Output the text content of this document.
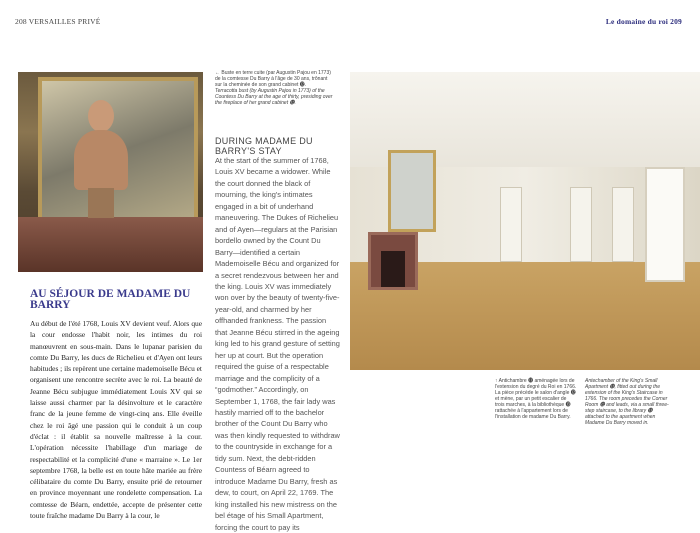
208 VERSAILLES PRIVÉ	Le domaine du roi 209
AU SÉJOUR DE MADAME DU BARRY
Au début de l'été 1768, Louis XV devient veuf. Alors que la cour endosse l'habit noir, les intimes du roi manœuvrent en sous-main. Dans le lupanar parisien du comte Du Barry, les ducs de Richelieu et d'Ayen ont leurs habitudes ; ils repèrent une certaine mademoiselle Bécu et organisent une rencontre secrète avec le roi. La beauté de Jeanne Bécu subjugue immédiatement Louis XV qui se laisse aussi charmer par la désinvolture et le caractère franc de la jeune femme de vingt-cinq ans. Elle éveille chez le roi âgé une passion qui le conduit à un coup d'éclat : il établit sa nouvelle maîtresse à la cour. L'opération nécessite l'habillage d'un mariage de respectabilité et la complicité d'une « marraine ». Le 1er septembre 1768, la belle est en toute hâte mariée au frère célibataire du comte Du Barry, ensuite prié de retourner en province moyennant une rondelette compensation. La comtesse de Béarn, endettée, accepte de présenter cette toute fraîche madame Du Barry à la cour, le
← Buste en terre cuite (par Augustin Pajou en 1773) de la comtesse Du Barry à l'âge de 30 ans, trônant sur la cheminée de son grand cabinet ⓬.
Terracotta bust (by Augustin Pajou in 1773) of the Countess Du Barry at the age of thirty, presiding over the fireplace of her grand cabinet ⓬.
DURING MADAME DU BARRY'S STAY
At the start of the summer of 1768, Louis XV became a widower. While the court donned the black of mourning, the king's intimates engaged in a bit of underhand maneuvering. The Dukes of Richelieu and of Ayen—regulars at the Parisian bordello owned by the Count Du Barry—identified a certain Mademoiselle Bécu and organized for a secret rendezvous between her and the king. Louis XV was immediately won over by the beauty of twenty-five-year-old, and charmed by her offhanded frankness. The passion that Jeanne Bécu stirred in the ageing king led to his grand gesture of setting her up at court. But the operation required the guise of a respectable marriage and the complicity of a “godmother.” Accordingly, on September 1, 1768, the fair lady was hastily married off to the bachelor brother of the Count Du Barry who was then kindly requested to withdraw to the countryside in exchange for a tidy sum. Next, the debt-ridden Countess of Béarn agreed to introduce Madame Du Barry, fresh as dew, to court, on April 22, 1769. The king installed his new mistress on the bel étage of his Small Apartment, forcing the court to pay its
↑ Antichambre ⓫ aménagée lors de l'extension du degré du Roi en 1766. La pièce précède le salon d'angle ⓬ et mène, par un petit escalier de trois marches, à la bibliothèque ⓭ rattachée à l'appartement lors de l'installation de madame Du Barry.
Antechamber of the King's Small Apartment ⓫, fitted out during the extension of the King's Staircase in 1766. The room precedes the Corner Room ⓬ and leads, via a small three-step staircase, to the library ⓭ attached to the apartment when Madame Du Barry moved in.
